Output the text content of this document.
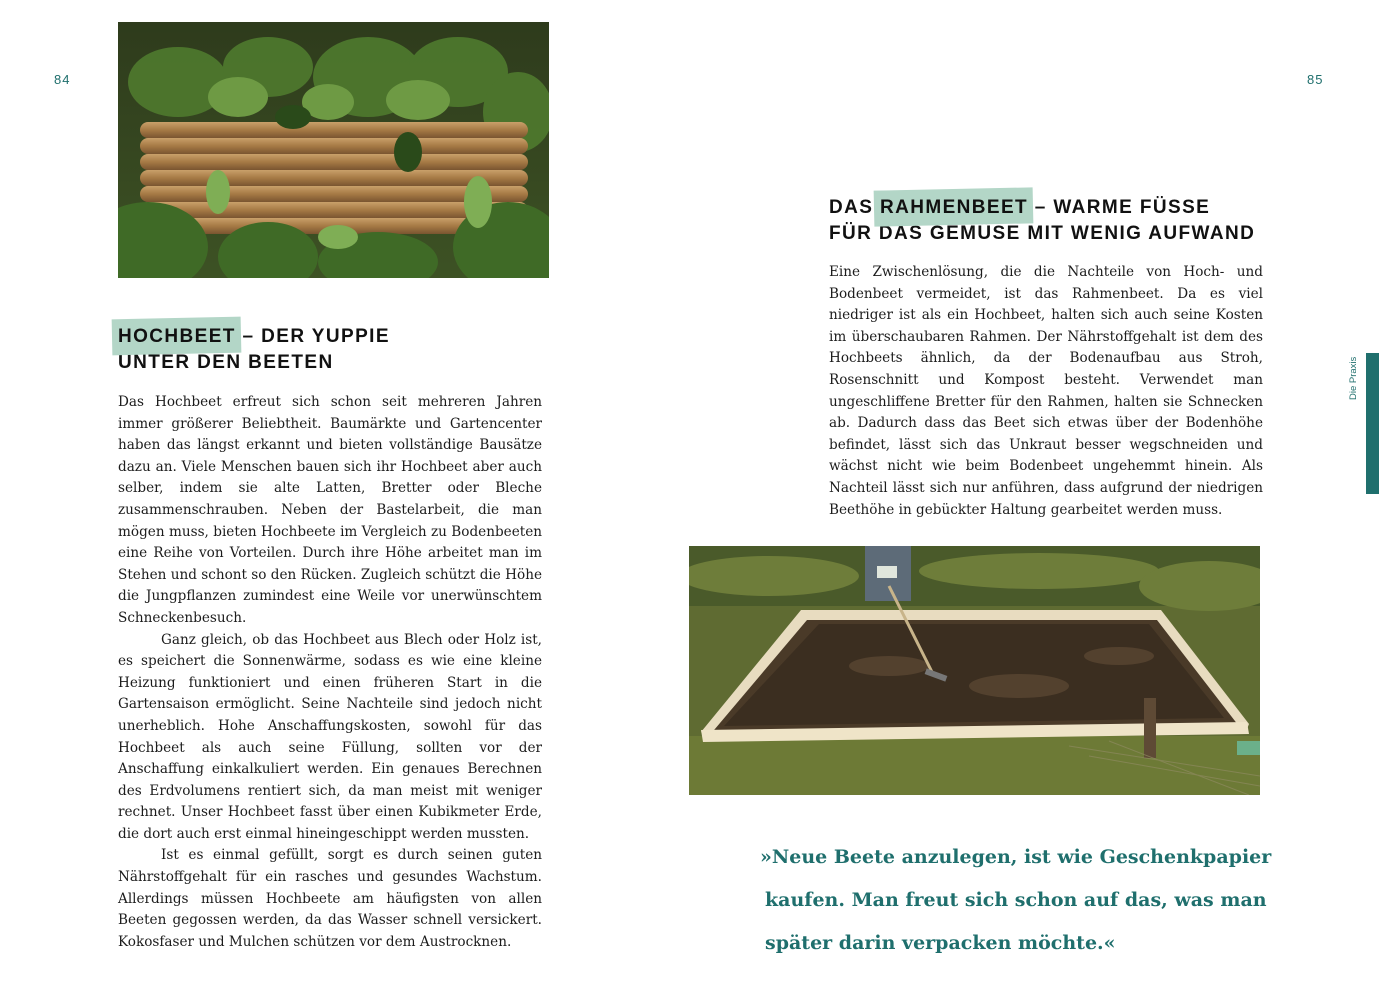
84	85
HOCHBEET – DER YUPPIE
UNTER DEN BEETEN

Das Hochbeet erfreut sich schon seit mehreren Jahren immer größerer Beliebtheit. Baumärkte und Gartencenter haben das längst erkannt und bieten vollständige Bausätze dazu an. Viele Menschen bauen sich ihr Hochbeet aber auch selber, indem sie alte Latten, Bretter oder Bleche zusammenschrauben. Neben der Bastelarbeit, die man mögen muss, bieten Hochbeete im Vergleich zu Bodenbeeten eine Reihe von Vorteilen. Durch ihre Höhe arbeitet man im Stehen und schont so den Rücken. Zugleich schützt die Höhe die Jungpflanzen zumindest eine Weile vor unerwünschtem Schneckenbesuch.

Ganz gleich, ob das Hochbeet aus Blech oder Holz ist, es speichert die Sonnenwärme, sodass es wie eine kleine Heizung funktioniert und einen früheren Start in die Gartensaison ermöglicht. Seine Nachteile sind jedoch nicht unerheblich. Hohe Anschaffungskosten, sowohl für das Hochbeet als auch seine Füllung, sollten vor der Anschaffung einkalkuliert werden. Ein genaues Berechnen des Erdvolumens rentiert sich, da man meist mit weniger rechnet. Unser Hochbeet fasst über einen Kubikmeter Erde, die dort auch erst einmal hineingeschippt werden mussten.

Ist es einmal gefüllt, sorgt es durch seinen guten Nährstoffgehalt für ein rasches und gesundes Wachstum. Allerdings müssen Hochbeete am häufigsten von allen Beeten gegossen werden, da das Wasser schnell versickert. Kokosfaser und Mulchen schützen vor dem Austrocknen.

DAS RAHMENBEET – WARME FÜSSE
FÜR DAS GEMÜSE MIT WENIG AUFWAND

Eine Zwischenlösung, die die Nachteile von Hoch- und Bodenbeet vermeidet, ist das Rahmenbeet. Da es viel niedriger ist als ein Hochbeet, halten sich auch seine Kosten im überschaubaren Rahmen. Der Nährstoffgehalt ist dem des Hochbeets ähnlich, da der Bodenaufbau aus Stroh, Rosenschnitt und Kompost besteht. Verwendet man ungeschliffene Bretter für den Rahmen, halten sie Schnecken ab. Dadurch dass das Beet sich etwas über der Bodenhöhe befindet, lässt sich das Unkraut besser wegschneiden und wächst nicht wie beim Bodenbeet ungehemmt hinein. Als Nachteil lässt sich nur anführen, dass aufgrund der niedrigen Beethöhe in gebückter Haltung gearbeitet werden muss.

Die Praxis
»Neue Beete anzulegen, ist wie Geschenkpapier
kaufen. Man freut sich schon auf das, was man
später darin verpacken möchte.«
